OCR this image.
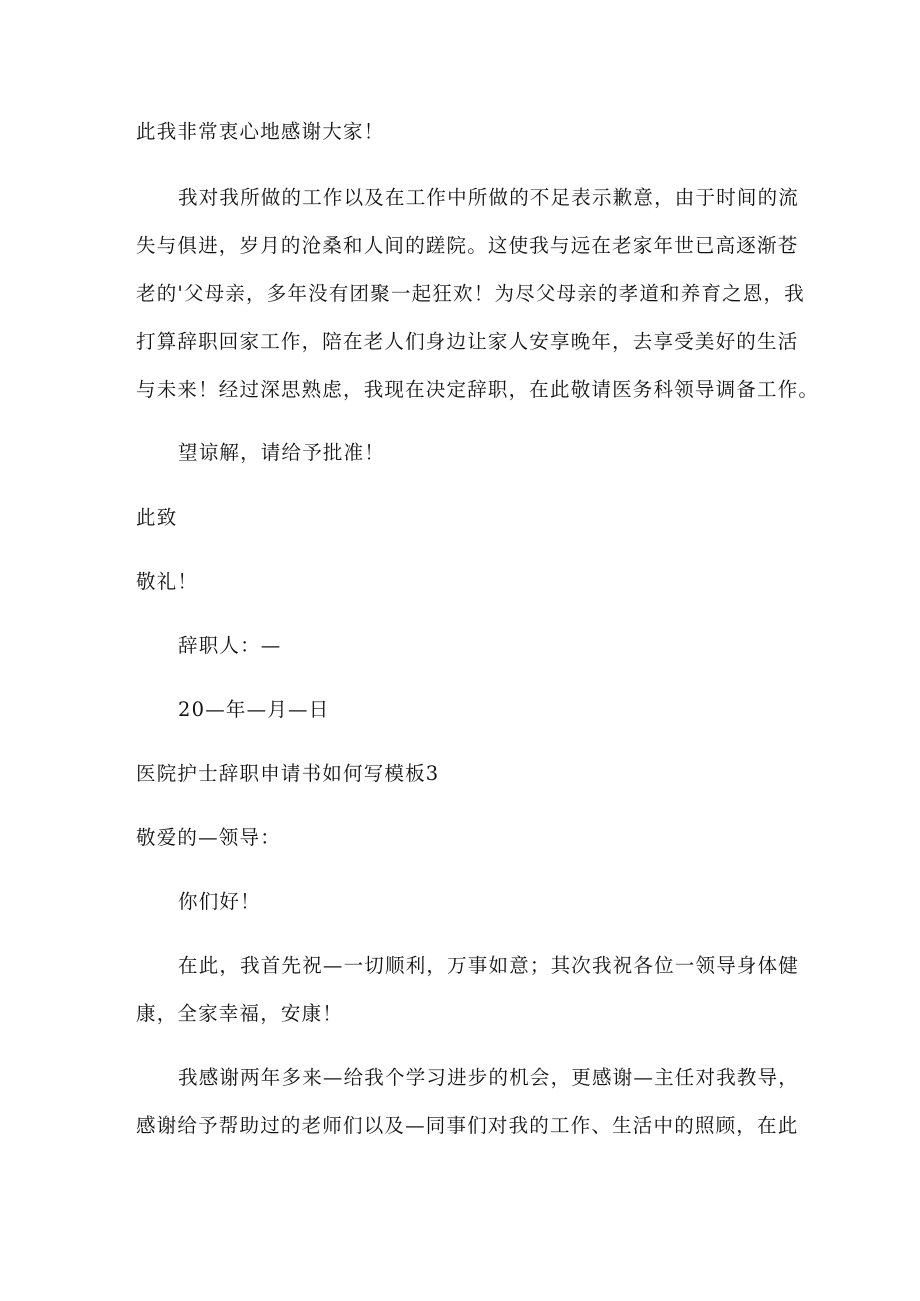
此我非常衷心地感谢大家！
我对我所做的工作以及在工作中所做的不足表示歉意，由于时间的流
失与俱进，岁月的沧桑和人间的蹉院。这使我与远在老家年世已高逐渐苍
老的'父母亲，多年没有团聚一起狂欢！为尽父母亲的孝道和养育之恩，我
打算辞职回家工作，陪在老人们身边让家人安享晚年，去享受美好的生活
与未来！经过深思熟虑，我现在决定辞职，在此敬请医务科领导调备工作。
望谅解，请给予批准！
此致
敬礼！
辞职人：—
20—年—月—日
医院护士辞职申请书如何写模板3
敬爱的—领导：
你们好！
在此，我首先祝—一切顺利，万事如意；其次我祝各位一领导身体健
康，全家幸福，安康！
我感谢两年多来—给我个学习进步的机会，更感谢—主任对我教导，
感谢给予帮助过的老师们以及—同事们对我的工作、生活中的照顾，在此
